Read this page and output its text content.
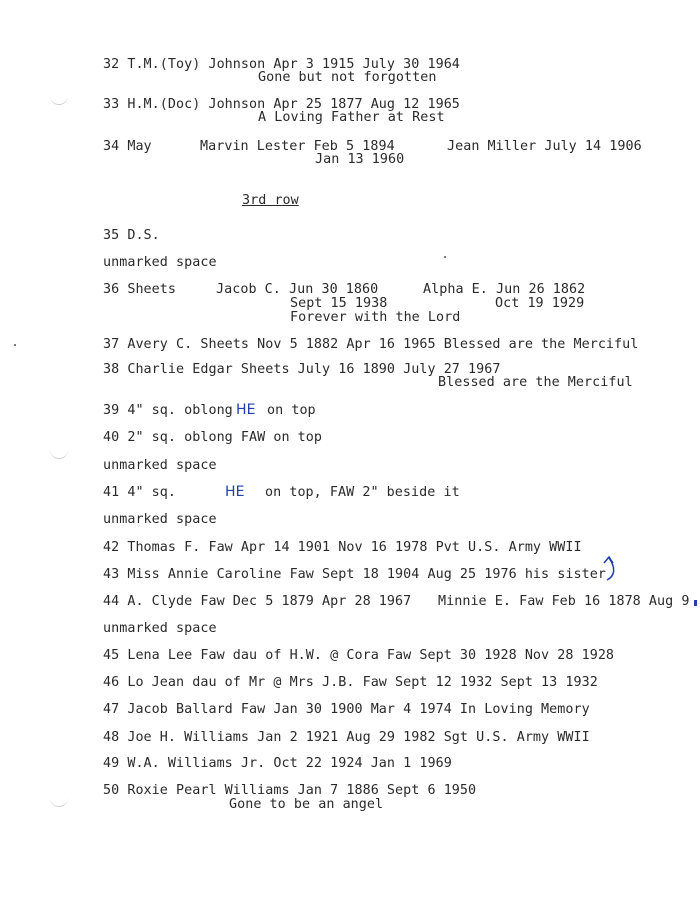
32 T.M.(Toy) Johnson Apr 3 1915 July 30 1964
Gone but not forgotten
33 H.M.(Doc) Johnson Apr 25 1877 Aug 12 1965
A Loving Father at Rest
34 May	Marvin Lester Feb 5 1894	Jean Miller July 14 1906
Jan 13 1960
3rd row
35 D.S.
unmarked space
36 Sheets	Jacob C. Jun 30 1860	Alpha E. Jun 26 1862
Sept 15 1938	Oct 19 1929
Forever with the Lord
37 Avery C. Sheets Nov 5 1882 Apr 16 1965 Blessed are the Merciful
38 Charlie Edgar Sheets July 16 1890 July 27 1967
Blessed are the Merciful
39 4" sq. oblong HE on top
40 2" sq. oblong FAW on top
unmarked space
41 4" sq.	HE on top, FAW 2" beside it
unmarked space
42 Thomas F. Faw Apr 14 1901 Nov 16 1978 Pvt U.S. Army WWII
43 Miss Annie Caroline Faw Sept 18 1904 Aug 25 1976 his sister
44 A. Clyde Faw Dec 5 1879 Apr 28 1967 Minnie E. Faw Feb 16 1878 Aug 9
unmarked space
45 Lena Lee Faw dau of H.W. @ Cora Faw Sept 30 1928 Nov 28 1928
46 Lo Jean dau of Mr @ Mrs J.B. Faw Sept 12 1932 Sept 13 1932
47 Jacob Ballard Faw Jan 30 1900 Mar 4 1974 In Loving Memory
48 Joe H. Williams Jan 2 1921 Aug 29 1982 Sgt U.S. Army WWII
49 W.A. Williams Jr. Oct 22 1924 Jan 1 1969
50 Roxie Pearl Williams Jan 7 1886 Sept 6 1950
Gone to be an angel
